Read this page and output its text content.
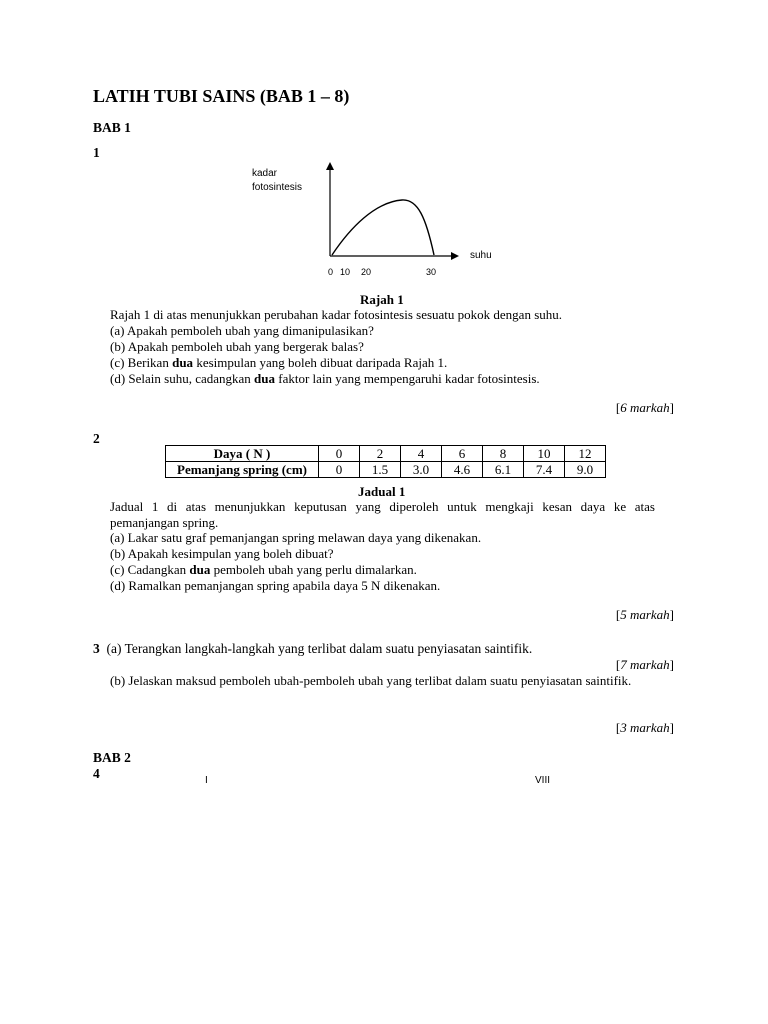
LATIH TUBI SAINS (BAB 1 – 8)
BAB 1
1
kadar
fotosintesis
suhu
0 10 20	30
Rajah 1
Rajah 1 di atas menunjukkan perubahan kadar fotosintesis sesuatu pokok dengan suhu.
(a) Apakah pemboleh ubah yang dimanipulasikan?
(b) Apakah pemboleh ubah yang bergerak balas?
(c) Berikan dua kesimpulan yang boleh dibuat daripada Rajah 1.
(d) Selain suhu, cadangkan dua faktor lain yang mempengaruhi kadar fotosintesis.
[6 markah]
2
Daya ( N )	0	2	4	6	8	10	12
Pemanjang spring (cm)	0	1.5	3.0	4.6	6.1	7.4	9.0
Jadual 1
Jadual 1 di atas menunjukkan keputusan yang diperoleh untuk mengkaji kesan daya ke atas pemanjangan spring.
(a) Lakar satu graf pemanjangan spring melawan daya yang dikenakan.
(b) Apakah kesimpulan yang boleh dibuat?
(c) Cadangkan dua pemboleh ubah yang perlu dimalarkan.
(d) Ramalkan pemanjangan spring apabila daya 5 N dikenakan.
[5 markah]
3 (a) Terangkan langkah-langkah yang terlibat dalam suatu penyiasatan saintifik.
[7 markah]
(b) Jelaskan maksud pemboleh ubah-pemboleh ubah yang terlibat dalam suatu penyiasatan saintifik.
[3 markah]
BAB 2
4	I	VIII
